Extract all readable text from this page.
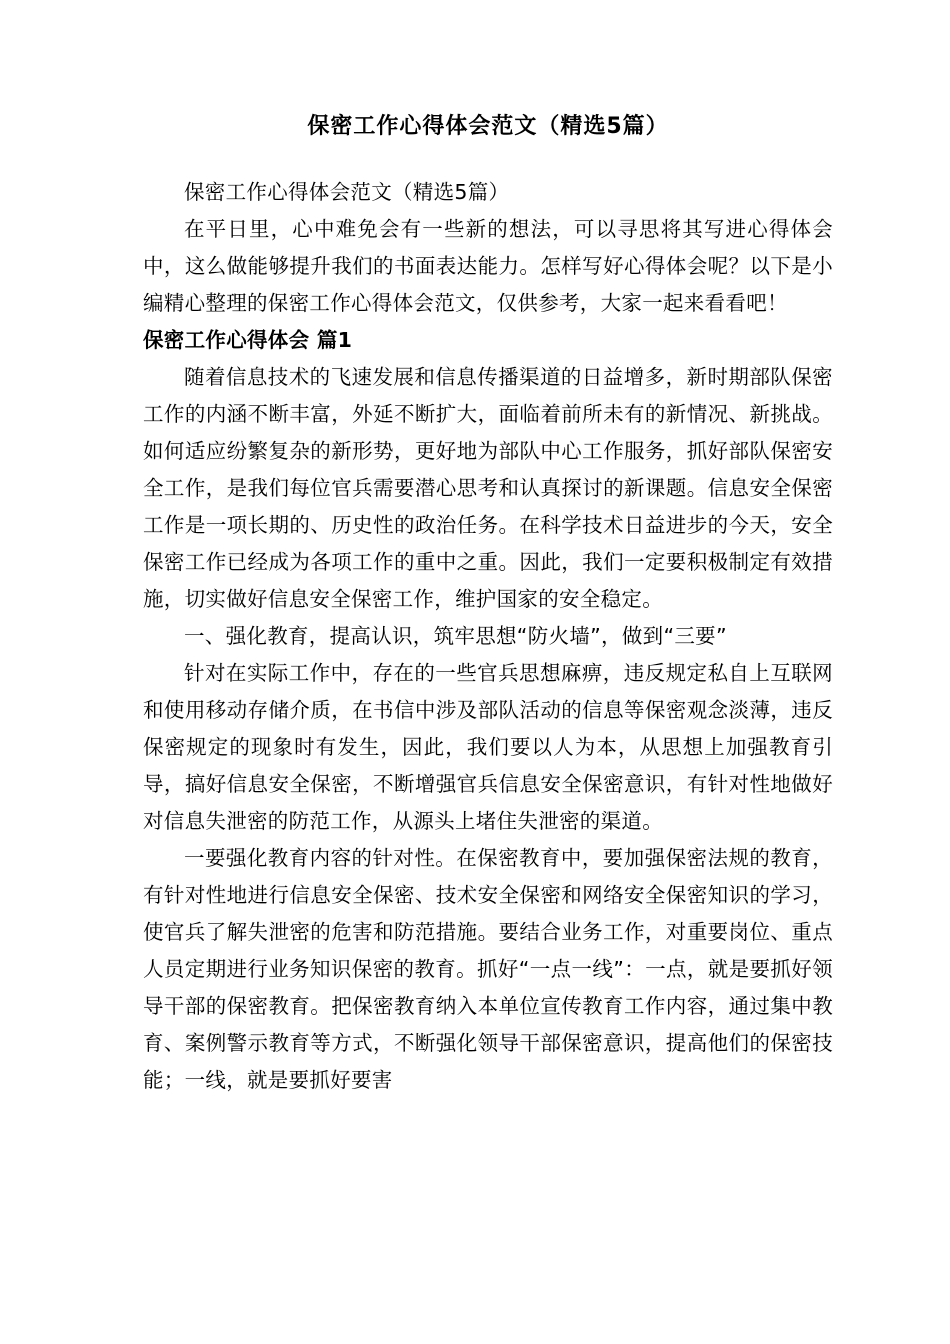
保密工作心得体会范文（精选5篇）

保密工作心得体会范文（精选5篇）

在平日里，心中难免会有一些新的想法，可以寻思将其写进心得体会中，这么做能够提升我们的书面表达能力。怎样写好心得体会呢？以下是小编精心整理的保密工作心得体会范文，仅供参考，大家一起来看看吧！

保密工作心得体会 篇1

随着信息技术的飞速发展和信息传播渠道的日益增多，新时期部队保密工作的内涵不断丰富，外延不断扩大，面临着前所未有的新情况、新挑战。如何适应纷繁复杂的新形势，更好地为部队中心工作服务，抓好部队保密安全工作，是我们每位官兵需要潜心思考和认真探讨的新课题。信息安全保密工作是一项长期的、历史性的政治任务。在科学技术日益进步的今天，安全保密工作已经成为各项工作的重中之重。因此，我们一定要积极制定有效措施，切实做好信息安全保密工作，维护国家的安全稳定。

一、强化教育，提高认识，筑牢思想“防火墙”，做到“三要”

针对在实际工作中，存在的一些官兵思想麻痹，违反规定私自上互联网和使用移动存储介质，在书信中涉及部队活动的信息等保密观念淡薄，违反保密规定的现象时有发生，因此，我们要以人为本，从思想上加强教育引导，搞好信息安全保密，不断增强官兵信息安全保密意识，有针对性地做好对信息失泄密的防范工作，从源头上堵住失泄密的渠道。

一要强化教育内容的针对性。在保密教育中，要加强保密法规的教育，有针对性地进行信息安全保密、技术安全保密和网络安全保密知识的学习，使官兵了解失泄密的危害和防范措施。要结合业务工作，对重要岗位、重点人员定期进行业务知识保密的教育。抓好“一点一线”：一点，就是要抓好领导干部的保密教育。把保密教育纳入本单位宣传教育工作内容，通过集中教育、案例警示教育等方式，不断强化领导干部保密意识，提高他们的保密技能；一线，就是要抓好要害
